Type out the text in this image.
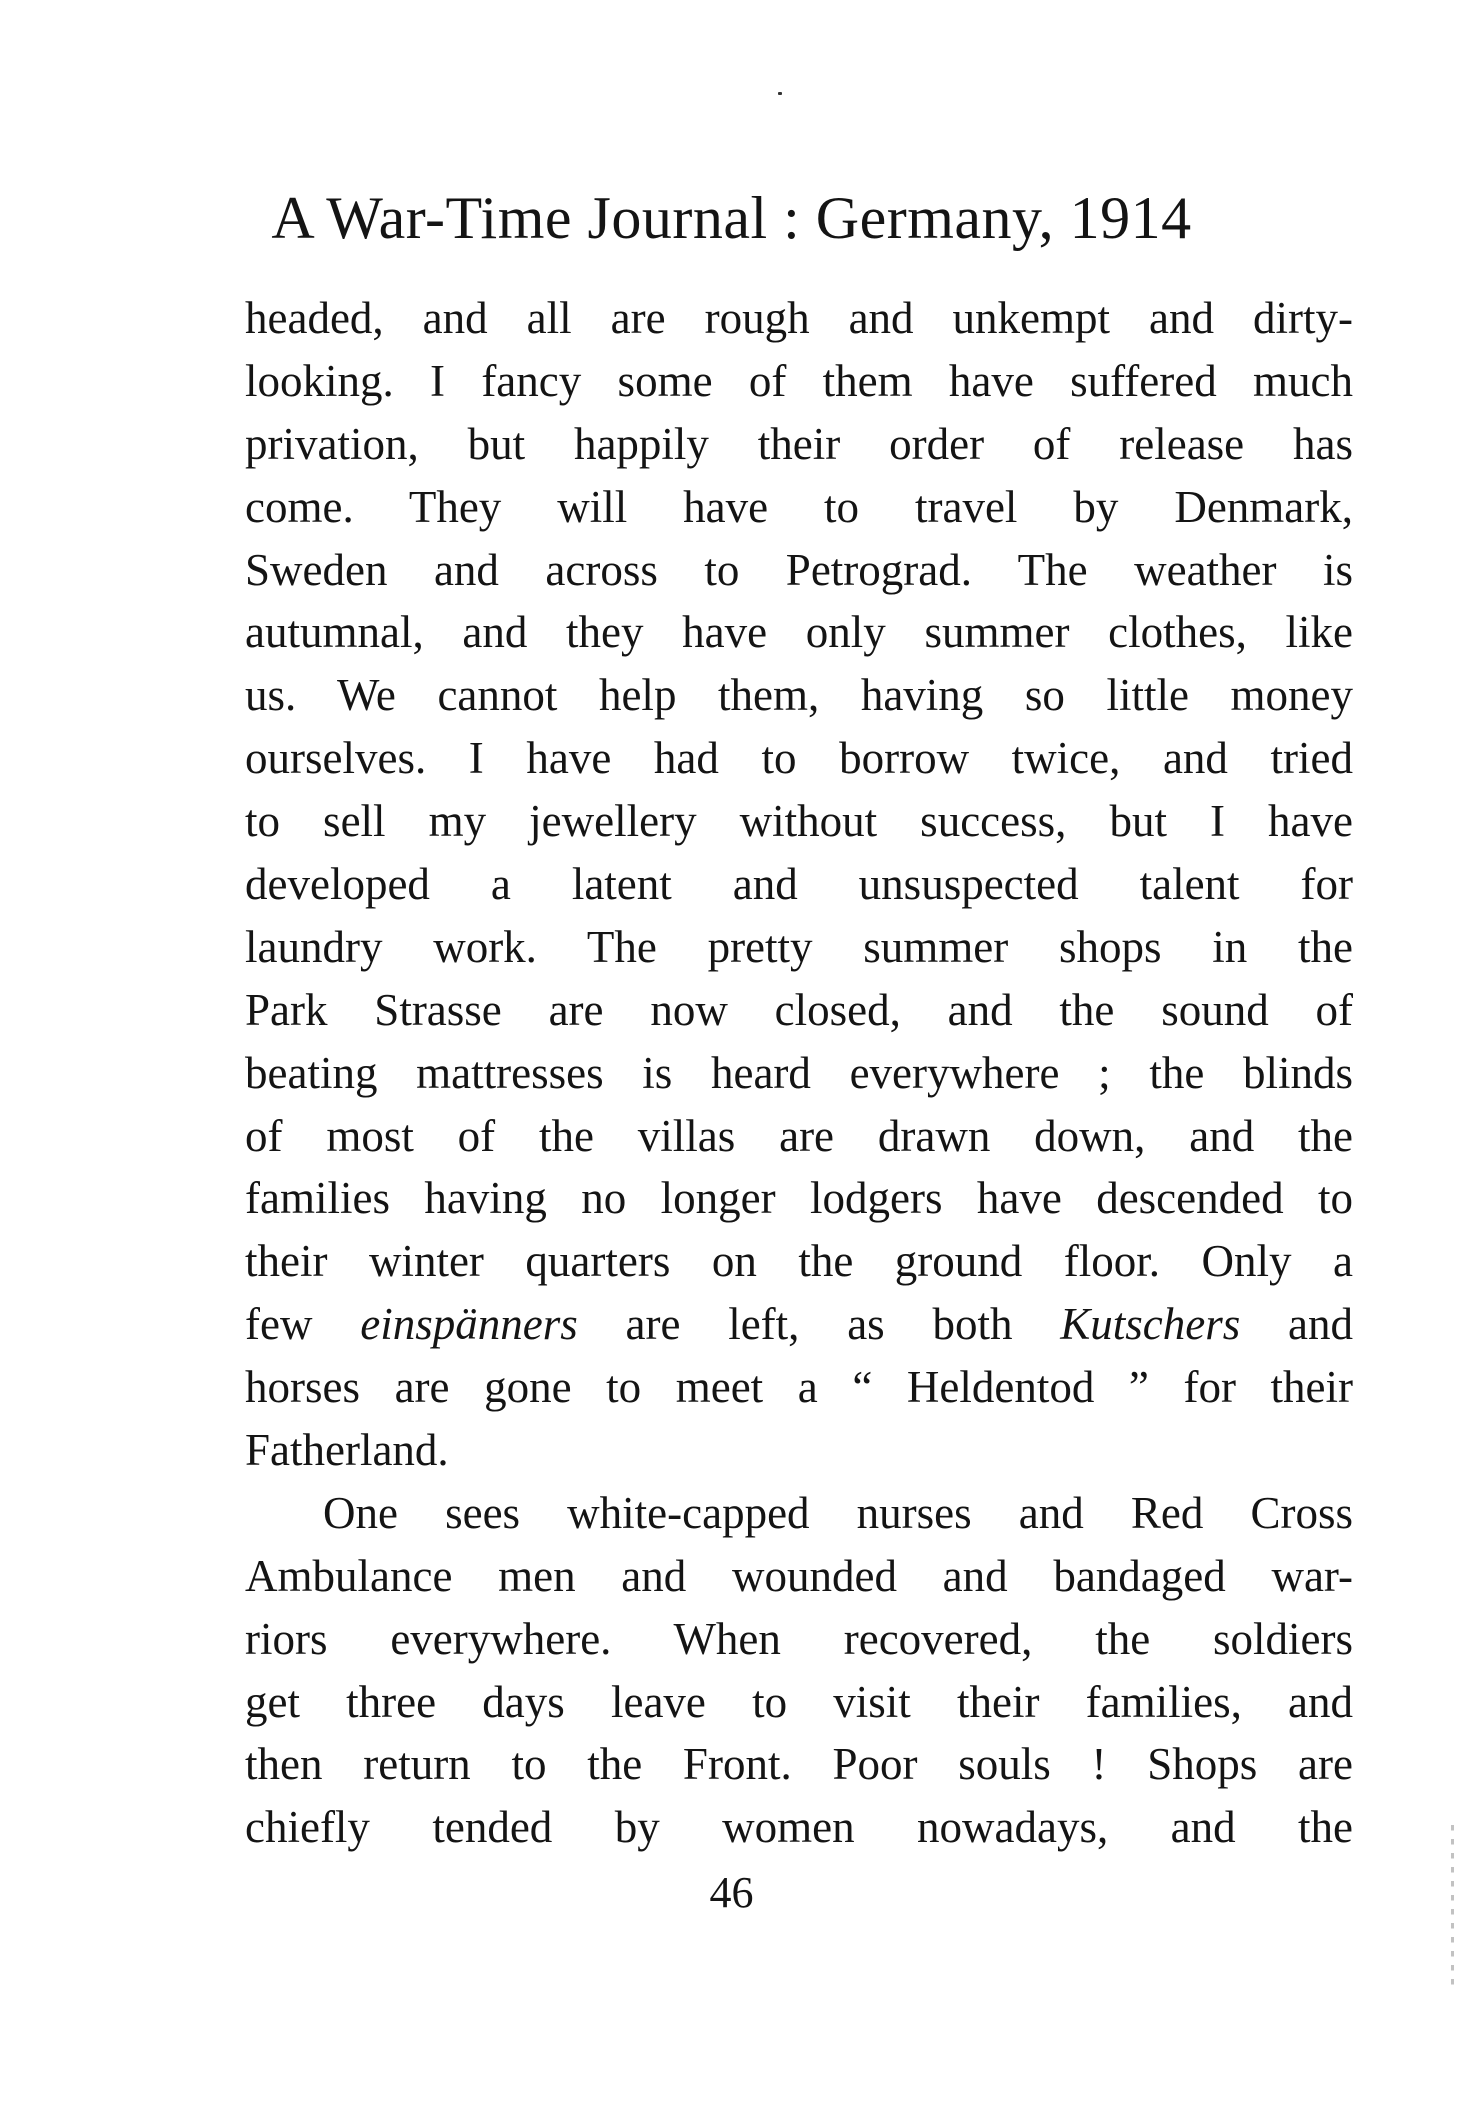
A War-Time Journal : Germany, 1914
headed, and all are rough and unkempt and dirty-
looking. I fancy some of them have suffered much
privation, but happily their order of release has
come. They will have to travel by Denmark,
Sweden and across to Petrograd. The weather is
autumnal, and they have only summer clothes, like
us. We cannot help them, having so little money
ourselves. I have had to borrow twice, and tried
to sell my jewellery without success, but I have
developed a latent and unsuspected talent for
laundry work. The pretty summer shops in the
Park Strasse are now closed, and the sound of
beating mattresses is heard everywhere ; the blinds
of most of the villas are drawn down, and the
families having no longer lodgers have descended to
their winter quarters on the ground floor. Only a
few einspänners are left, as both Kutschers and
horses are gone to meet a “ Heldentod ” for their
Fatherland.
One sees white-capped nurses and Red Cross
Ambulance men and wounded and bandaged war-
riors everywhere. When recovered, the soldiers
get three days leave to visit their families, and
then return to the Front. Poor souls ! Shops are
chiefly tended by women nowadays, and the
46
